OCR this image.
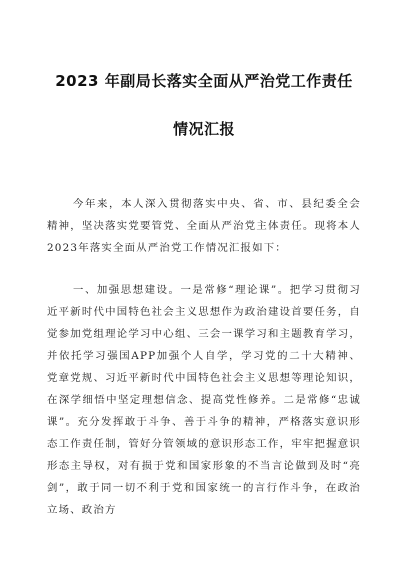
2023 年副局长落实全面从严治党工作责任
情况汇报

今年来，本人深入贯彻落实中央、省、市、县纪委全会精神，坚决落实党要管党、全面从严治党主体责任。现将本人2023年落实全面从严治党工作情况汇报如下：

一、加强思想建设。一是常修“理论课”。把学习贯彻习近平新时代中国特色社会主义思想作为政治建设首要任务，自觉参加党组理论学习中心组、三会一课学习和主题教育学习，并依托学习强国APP加强个人自学，学习党的二十大精神、党章党规、习近平新时代中国特色社会主义思想等理论知识，在深学细悟中坚定理想信念、提高党性修养。二是常修“忠诚课”。充分发挥敢于斗争、善于斗争的精神，严格落实意识形态工作责任制，管好分管领域的意识形态工作，牢牢把握意识形态主导权，对有损于党和国家形象的不当言论做到及时“亮剑”，敢于同一切不利于党和国家统一的言行作斗争，在政治立场、政治方
